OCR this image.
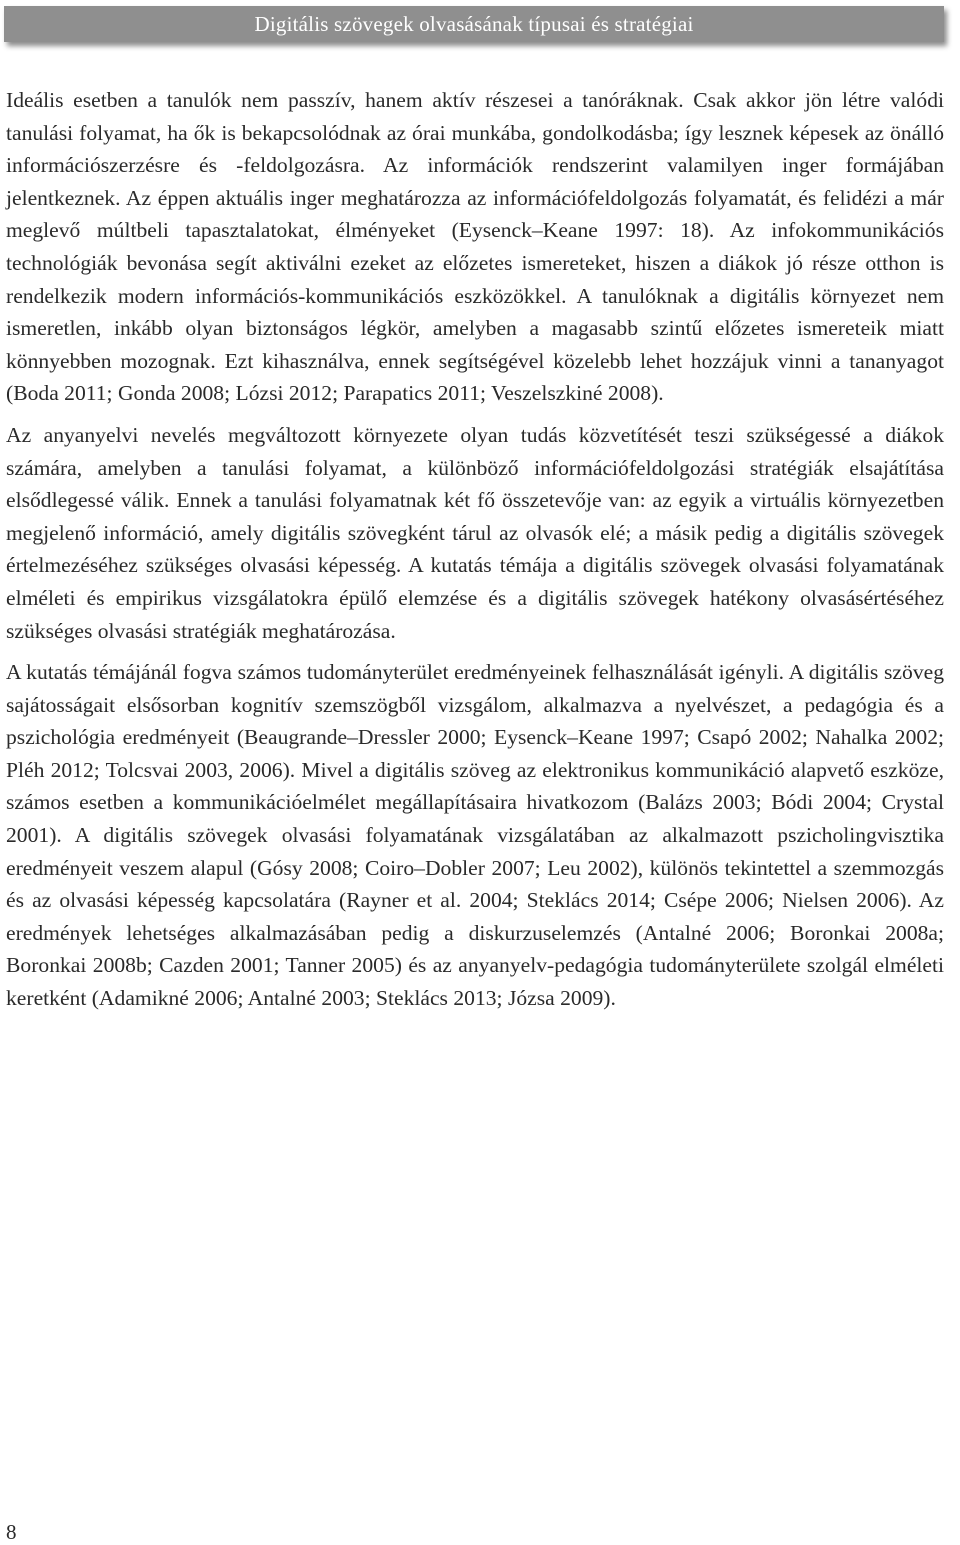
Digitális szövegek olvasásának típusai és stratégiai

Ideális esetben a tanulók nem passzív, hanem aktív részesei a tanóráknak. Csak akkor jön létre valódi tanulási folyamat, ha ők is bekapcsolódnak az órai munkába, gondolkodásba; így lesznek képesek az önálló információszerzésre és -feldolgozásra. Az információk rendszerint valamilyen inger formájában jelentkeznek. Az éppen aktuális inger meghatározza az információfeldolgozás folyamatát, és felidézi a már meglevő múltbeli tapasztalatokat, élményeket (Eysenck–Keane 1997: 18). Az infokommunikációs technológiák bevonása segít aktiválni ezeket az előzetes ismereteket, hiszen a diákok jó része otthon is rendelkezik modern információs-kommunikációs eszközökkel. A tanulóknak a digitális környezet nem ismeretlen, inkább olyan biztonságos légkör, amelyben a magasabb szintű előzetes ismereteik miatt könnyebben mozognak. Ezt kihasználva, ennek segítségével közelebb lehet hozzájuk vinni a tananyagot (Boda 2011; Gonda 2008; Lózsi 2012; Parapatics 2011; Veszelszkiné 2008).

Az anyanyelvi nevelés megváltozott környezete olyan tudás közvetítését teszi szükségessé a diákok számára, amelyben a tanulási folyamat, a különböző információfeldolgozási stratégiák elsajátítása elsődlegessé válik. Ennek a tanulási folyamatnak két fő összetevője van: az egyik a virtuális környezetben megjelenő információ, amely digitális szövegként tárul az olvasók elé; a másik pedig a digitális szövegek értelmezéséhez szükséges olvasási képesség. A kutatás témája a digitális szövegek olvasási folyamatának elméleti és empirikus vizsgálatokra épülő elemzése és a digitális szövegek hatékony olvasásértéséhez szükséges olvasási stratégiák meghatározása.

A kutatás témájánál fogva számos tudományterület eredményeinek felhasználását igényli. A digitális szöveg sajátosságait elsősorban kognitív szemszögből vizsgálom, alkalmazva a nyelvészet, a pedagógia és a pszichológia eredményeit (Beaugrande–Dressler 2000; Eysenck–Keane 1997; Csapó 2002; Nahalka 2002; Pléh 2012; Tolcsvai 2003, 2006). Mivel a digitális szöveg az elektronikus kommunikáció alapvető eszköze, számos esetben a kommunikációelmélet megállapításaira hivatkozom (Balázs 2003; Bódi 2004; Crystal 2001). A digitális szövegek olvasási folyamatának vizsgálatában az alkalmazott pszicholingvisztika eredményeit veszem alapul (Gósy 2008; Coiro–Dobler 2007; Leu 2002), különös tekintettel a szemmozgás és az olvasási képesség kapcsolatára (Rayner et al. 2004; Steklács 2014; Csépe 2006; Nielsen 2006). Az eredmények lehetséges alkalmazásában pedig a diskurzuselemzés (Antalné 2006; Boronkai 2008a; Boronkai 2008b; Cazden 2001; Tanner 2005) és az anyanyelv-pedagógia tudományterülete szolgál elméleti keretként (Adamikné 2006; Antalné 2003; Steklács 2013; Józsa 2009).

8
